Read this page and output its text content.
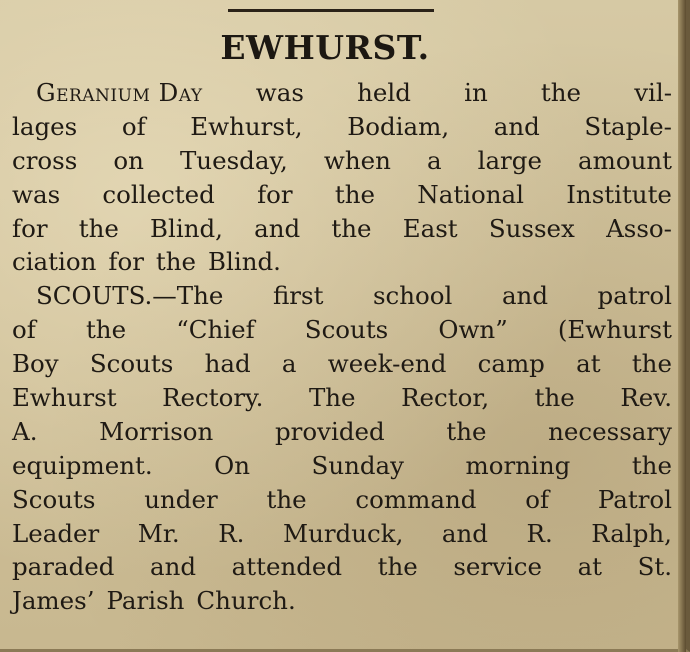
EWHURST.
Geranium Day was held in the vil-
lages of Ewhurst, Bodiam, and Staple-
cross on Tuesday, when a large amount
was collected for the National Institute
for the Blind, and the East Sussex Asso-
ciation for the Blind.
SCOUTS.—The first school and patrol
of the “Chief Scouts Own” (Ewhurst
Boy Scouts had a week-end camp at the
Ewhurst Rectory. The Rector, the Rev.
A.	Morrison	provided	the	necessary
equipment.	On	Sunday	morning	the
Scouts under the command of Patrol
Leader Mr. R. Murduck, and R. Ralph,
paraded and attended the service at St.
James’ Parish Church.
